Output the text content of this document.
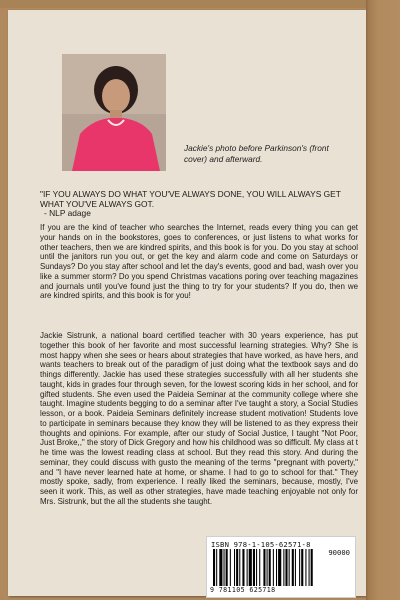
Jackie's photo before Parkinson's (front cover) and afterward.
"IF YOU ALWAYS DO WHAT YOU'VE ALWAYS DONE, YOU WILL ALWAYS GET WHAT YOU'VE ALWAYS GOT.
- NLP adage
If you are the kind of teacher who searches the Internet, reads every thing you can get your hands on in the bookstores, goes to conferences, or just listens to what works for other teachers, then we are kindred spirits, and this book is for you. Do you stay at school until the janitors run you out, or get the key and alarm code and come on Saturdays or Sundays? Do you stay after school and let the day's events, good and bad, wash over you like a summer storm? Do you spend Christmas vacations poring over teaching magazines and journals until you've found just the thing to try for your students? If you do, then we are kindred spirits, and this book is for you!
Jackie Sistrunk, a national board certified teacher with 30 years experience, has put together this book of her favorite and most successful learning strategies. Why? She is most happy when she sees or hears about strategies that have worked, as have hers, and wants teachers to break out of the paradigm of just doing what the textbook says and do things differently. Jackie has used these strategies successfully with all her students she taught, kids in grades four through seven, for the lowest scoring kids in her school, and for gifted students. She even used the Paideia Seminar at the community college where she taught. Imagine students begging to do a seminar after I've taught a story, a Social Studies lesson, or a book. Paideia Seminars definitely increase student motivation! Students love to participate in seminars because they know they will be listened to as they express their thoughts and opinions. For example, after our study of Social Justice, I taught "Not Poor, Just Broke,," the story of Dick Gregory and how his childhood was so difficult. My class at t he time was the lowest reading class at school. But they read this story. And during the seminar, they could discuss with gusto the meaning of the terms "pregnant with poverty," and "I have never learned hate at home, or shame. I had to go to school for that." They mostly spoke, sadly, from experience. I really liked the seminars, because, mostly, I've seen it work. This, as well as other strategies, have made teaching enjoyable not only for Mrs. Sistrunk, but the all the students she taught.
ISBN 978-1-105-62571-8
90000
9 781105 625718
